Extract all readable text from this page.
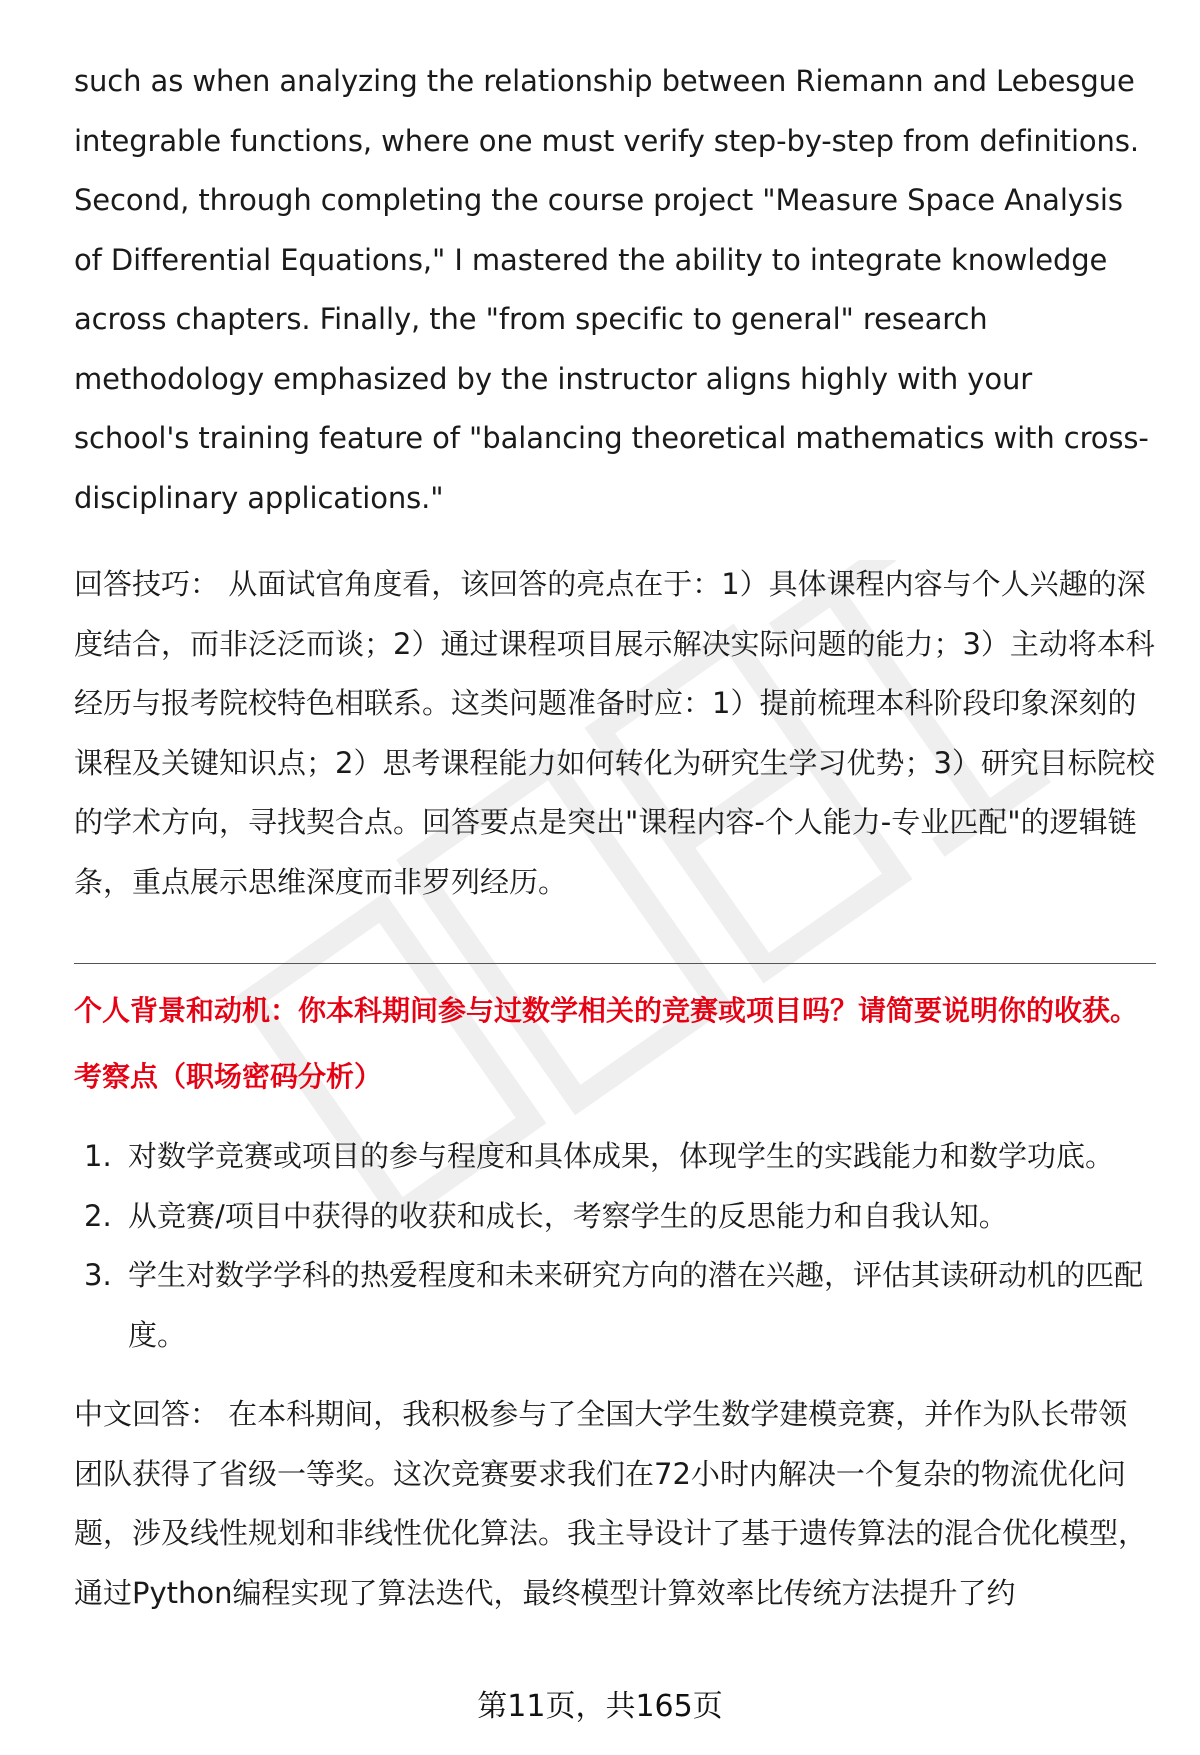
such as when analyzing the relationship between Riemann and Lebesgue integrable functions, where one must verify step-by-step from definitions. Second, through completing the course project "Measure Space Analysis of Differential Equations," I mastered the ability to integrate knowledge across chapters. Finally, the "from specific to general" research methodology emphasized by the instructor aligns highly with your school's training feature of "balancing theoretical mathematics with cross-disciplinary applications."

回答技巧： 从面试官角度看，该回答的亮点在于：1）具体课程内容与个人兴趣的深度结合，而非泛泛而谈；2）通过课程项目展示解决实际问题的能力；3）主动将本科经历与报考院校特色相联系。这类问题准备时应：1）提前梳理本科阶段印象深刻的课程及关键知识点；2）思考课程能力如何转化为研究生学习优势；3）研究目标院校的学术方向，寻找契合点。回答要点是突出"课程内容-个人能力-专业匹配"的逻辑链条，重点展示思维深度而非罗列经历。

个人背景和动机：你本科期间参与过数学相关的竞赛或项目吗？请简要说明你的收获。

考察点（职场密码分析）

1. 对数学竞赛或项目的参与程度和具体成果，体现学生的实践能力和数学功底。
2. 从竞赛/项目中获得的收获和成长，考察学生的反思能力和自我认知。
3. 学生对数学学科的热爱程度和未来研究方向的潜在兴趣，评估其读研动机的匹配度。

中文回答： 在本科期间，我积极参与了全国大学生数学建模竞赛，并作为队长带领团队获得了省级一等奖。这次竞赛要求我们在72小时内解决一个复杂的物流优化问题，涉及线性规划和非线性优化算法。我主导设计了基于遗传算法的混合优化模型，通过Python编程实现了算法迭代，最终模型计算效率比传统方法提升了约

第11页，共165页
